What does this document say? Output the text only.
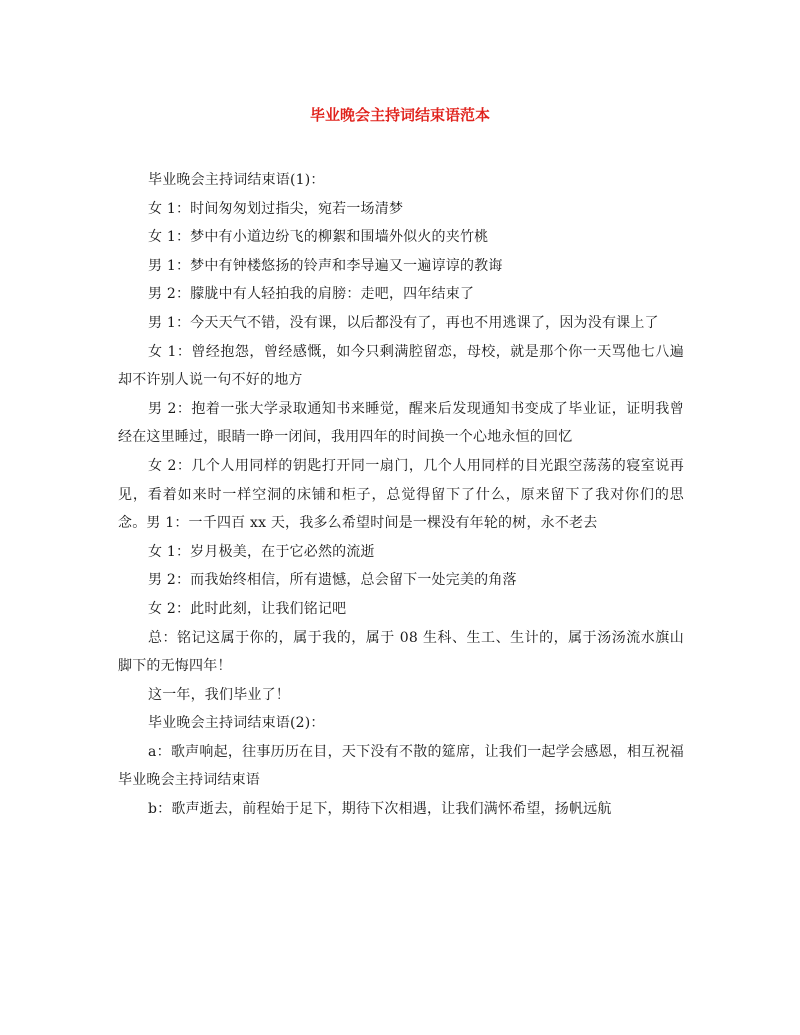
毕业晚会主持词结束语范本

毕业晚会主持词结束语(1)：

女 1：时间匆匆划过指尖，宛若一场清梦

女 1：梦中有小道边纷飞的柳絮和围墙外似火的夹竹桃

男 1：梦中有钟楼悠扬的铃声和李导遍又一遍谆谆的教诲

男 2：朦胧中有人轻拍我的肩膀：走吧，四年结束了

男 1：今天天气不错，没有课，以后都没有了，再也不用逃课了，因为没有课上了

女 1：曾经抱怨，曾经感慨，如今只剩满腔留恋，母校，就是那个你一天骂他七八遍却不许别人说一句不好的地方

男 2：抱着一张大学录取通知书来睡觉，醒来后发现通知书变成了毕业证，证明我曾经在这里睡过，眼睛一睁一闭间，我用四年的时间换一个心地永恒的回忆

女 2：几个人用同样的钥匙打开同一扇门，几个人用同样的目光跟空荡荡的寝室说再见，看着如来时一样空洞的床铺和柜子，总觉得留下了什么，原来留下了我对你们的思念。男 1：一千四百 xx 天，我多么希望时间是一棵没有年轮的树，永不老去

女 1：岁月极美，在于它必然的流逝

男 2：而我始终相信，所有遗憾，总会留下一处完美的角落

女 2：此时此刻，让我们铭记吧

总：铭记这属于你的，属于我的，属于 08 生科、生工、生计的，属于汤汤流水旗山脚下的无悔四年！

这一年，我们毕业了！

毕业晚会主持词结束语(2)：

a：歌声响起，往事历历在目，天下没有不散的筵席，让我们一起学会感恩，相互祝福毕业晚会主持词结束语

b：歌声逝去，前程始于足下，期待下次相遇，让我们满怀希望，扬帆远航
